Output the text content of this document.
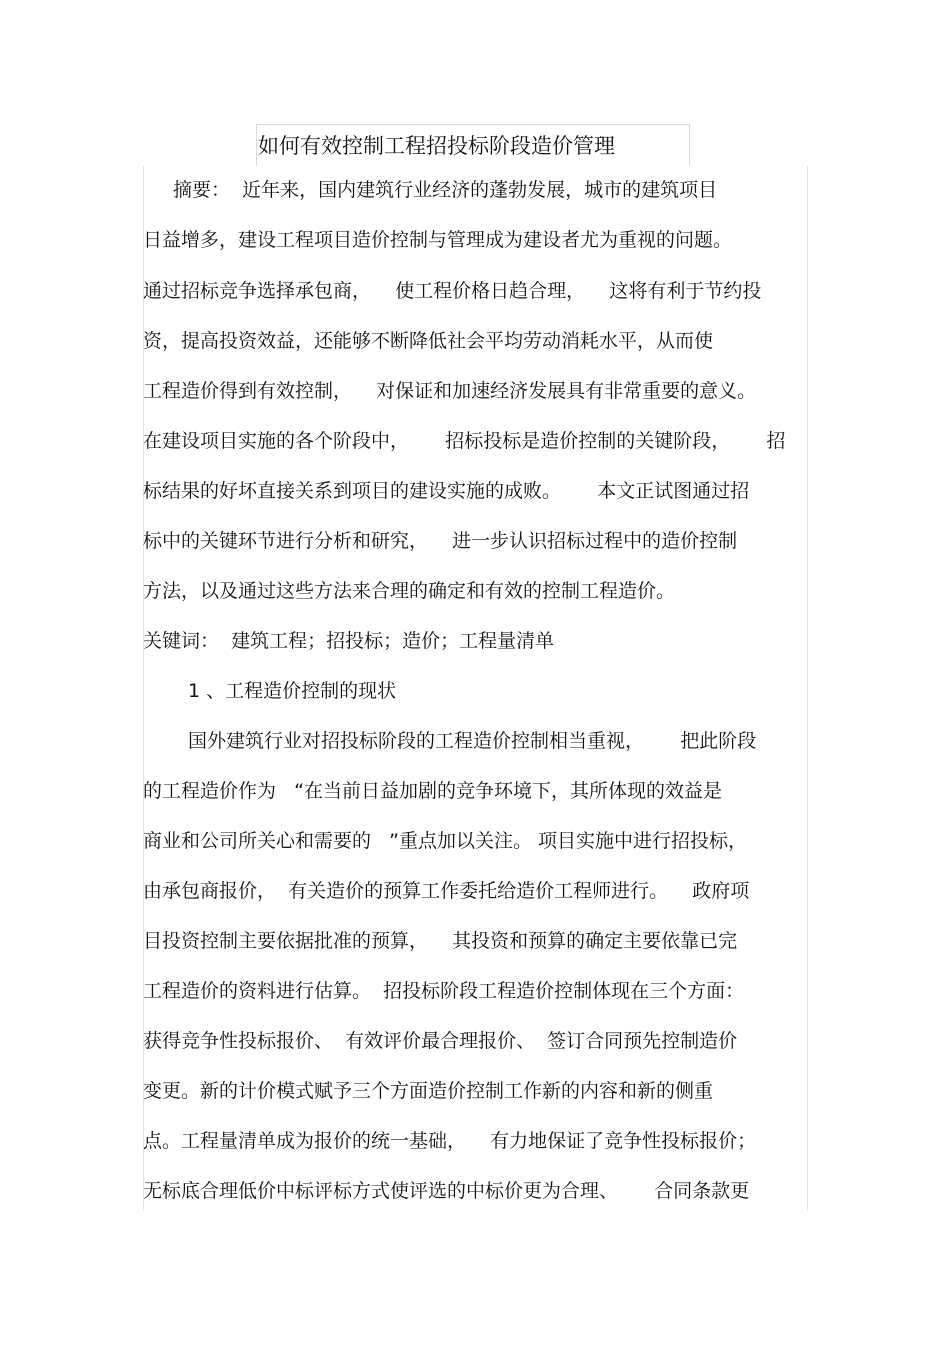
如何有效控制工程招投标阶段造价管理
摘要：  近年来，国内建筑行业经济的蓬勃发展，城市的建筑项目
日益增多，建设工程项目造价控制与管理成为建设者尤为重视的问题。
通过招标竞争选择承包商，    使工程价格日趋合理，    这将有利于节约投
资，提高投资效益，还能够不断降低社会平均劳动消耗水平，从而使
工程造价得到有效控制，    对保证和加速经济发展具有非常重要的意义。
在建设项目实施的各个阶段中，      招标投标是造价控制的关键阶段，      招
标结果的好坏直接关系到项目的建设实施的成败。      本文正试图通过招
标中的关键环节进行分析和研究，    进一步认识招标过程中的造价控制
方法，以及通过这些方法来合理的确定和有效的控制工程造价。
关键词：  建筑工程；招投标；造价；工程量清单
1 、工程造价控制的现状
国外建筑行业对招投标阶段的工程造价控制相当重视，      把此阶段
的工程造价作为   “在当前日益加剧的竞争环境下，其所体现的效益是
商业和公司所关心和需要的   ”重点加以关注。 项目实施中进行招投标，
由承包商报价，  有关造价的预算工作委托给造价工程师进行。    政府项
目投资控制主要依据批准的预算，    其投资和预算的确定主要依靠已完
工程造价的资料进行估算。  招投标阶段工程造价控制体现在三个方面：
获得竞争性投标报价、  有效评价最合理报价、  签订合同预先控制造价
变更。新的计价模式赋予三个方面造价控制工作新的内容和新的侧重
点。工程量清单成为报价的统一基础，    有力地保证了竞争性投标报价；
无标底合理低价中标评标方式使评选的中标价更为合理、      合同条款更
